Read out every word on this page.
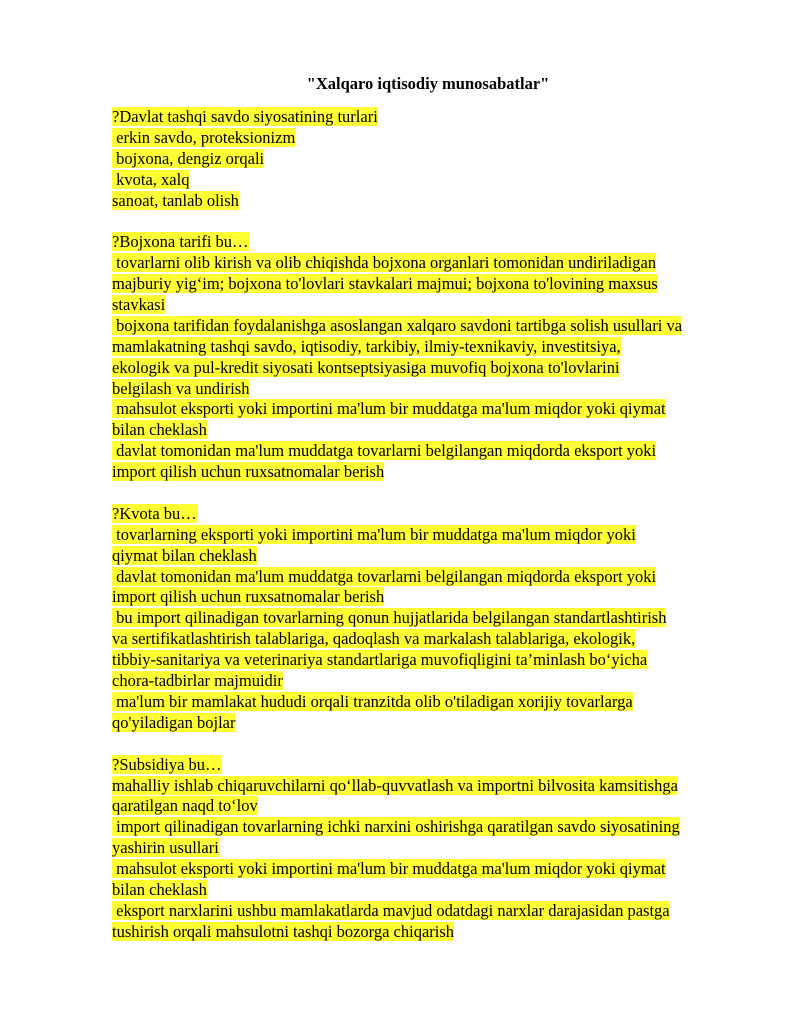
"Xalqaro iqtisodiy munosabatlar"
?Davlat tashqi savdo siyosatining turlari
erkin savdo, proteksionizm
bojxona, dengiz orqali
kvota, xalq
sanoat, tanlab olish
?Bojxona tarifi bu…
tovarlarni olib kirish va olib chiqishda bojxona organlari tomonidan undiriladigan
majburiy yig‘im; bojxona to'lovlari stavkalari majmui; bojxona to'lovining maxsus
stavkasi
bojxona tarifidan foydalanishga asoslangan xalqaro savdoni tartibga solish usullari va
mamlakatning tashqi savdo, iqtisodiy, tarkibiy, ilmiy-texnikaviy, investitsiya,
ekologik va pul-kredit siyosati kontseptsiyasiga muvofiq bojxona to'lovlarini
belgilash va undirish
mahsulot eksporti yoki importini ma'lum bir muddatga ma'lum miqdor yoki qiymat
bilan cheklash
davlat tomonidan ma'lum muddatga tovarlarni belgilangan miqdorda eksport yoki
import qilish uchun ruxsatnomalar berish
?Kvota bu…
tovarlarning eksporti yoki importini ma'lum bir muddatga ma'lum miqdor yoki
qiymat bilan cheklash
davlat tomonidan ma'lum muddatga tovarlarni belgilangan miqdorda eksport yoki
import qilish uchun ruxsatnomalar berish
bu import qilinadigan tovarlarning qonun hujjatlarida belgilangan standartlashtirish
va sertifikatlashtirish talablariga, qadoqlash va markalash talablariga, ekologik,
tibbiy-sanitariya va veterinariya standartlariga muvofiqligini ta’minlash bo‘yicha
chora-tadbirlar majmuidir
ma'lum bir mamlakat hududi orqali tranzitda olib o'tiladigan xorijiy tovarlarga
qo'yiladigan bojlar
?Subsidiya bu…
mahalliy ishlab chiqaruvchilarni qo‘llab-quvvatlash va importni bilvosita kamsitishga
qaratilgan naqd to‘lov
import qilinadigan tovarlarning ichki narxini oshirishga qaratilgan savdo siyosatining
yashirin usullari
mahsulot eksporti yoki importini ma'lum bir muddatga ma'lum miqdor yoki qiymat
bilan cheklash
eksport narxlarini ushbu mamlakatlarda mavjud odatdagi narxlar darajasidan pastga
tushirish orqali mahsulotni tashqi bozorga chiqarish
